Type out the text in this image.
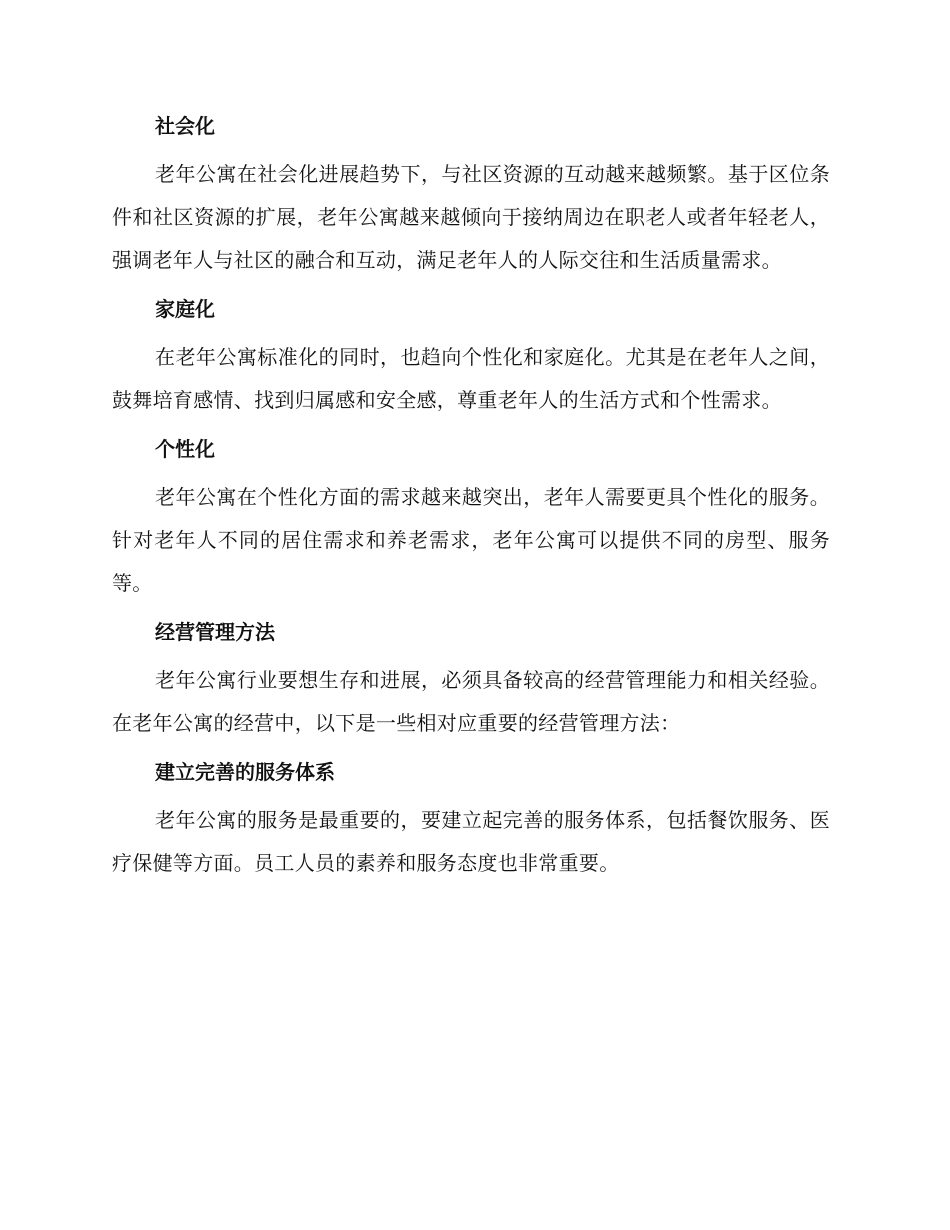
社会化

老年公寓在社会化进展趋势下，与社区资源的互动越来越频繁。基于区位条件和社区资源的扩展，老年公寓越来越倾向于接纳周边在职老人或者年轻老人，强调老年人与社区的融合和互动，满足老年人的人际交往和生活质量需求。

家庭化

在老年公寓标准化的同时，也趋向个性化和家庭化。尤其是在老年人之间，鼓舞培育感情、找到归属感和安全感，尊重老年人的生活方式和个性需求。

个性化

老年公寓在个性化方面的需求越来越突出，老年人需要更具个性化的服务。针对老年人不同的居住需求和养老需求，老年公寓可以提供不同的房型、服务等。

经营管理方法

老年公寓行业要想生存和进展，必须具备较高的经营管理能力和相关经验。在老年公寓的经营中，以下是一些相对应重要的经营管理方法：

建立完善的服务体系

老年公寓的服务是最重要的，要建立起完善的服务体系，包括餐饮服务、医疗保健等方面。员工人员的素养和服务态度也非常重要。
